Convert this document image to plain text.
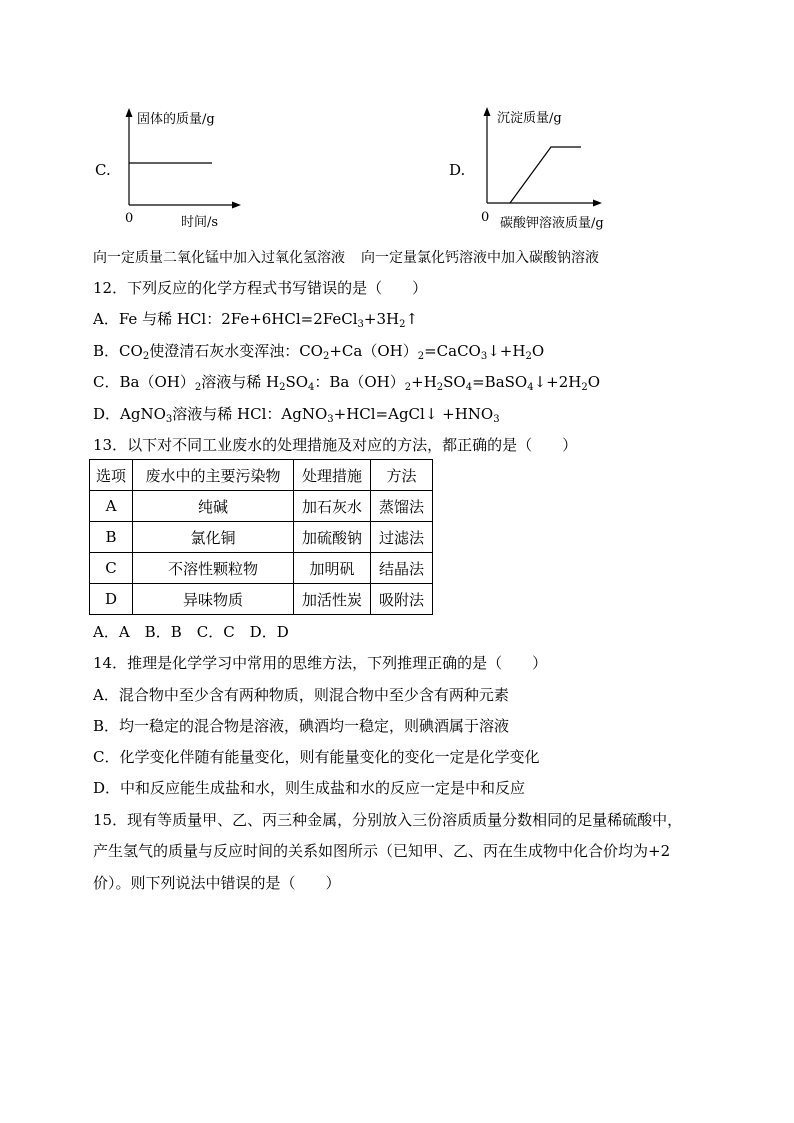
C.
固体的质量/g
0	时间/s
D.
沉淀质量/g
0 碳酸钾溶液质量/g
向一定质量二氧化锰中加入过氧化氢溶液 向一定量氯化钙溶液中加入碳酸钠溶液
12．下列反应的化学方程式书写错误的是（　　）
A．Fe 与稀 HCl：$2Fe+6HCl=2FeCl_3+3H_2↑$
B．$CO_2$使澄清石灰水变浑浊：$CO_2+Ca(OH)_2=CaCO_3↓+H_2O$
C．$Ba(OH)_2$溶液与稀 $H_2SO_4$：$Ba(OH)_2+H_2SO_4=BaSO_4↓+2H_2O$
D．AgNO$_3$溶液与稀 HCl：AgNO$_3$+HCl=AgCl↓ $+HNO_3$
13．以下对不同工业废水的处理措施及对应的方法，都正确的是（　　）
选项	废水中的主要污染物	处理措施	方法
A	纯碱	加石灰水	蒸馏法
B	氯化铜	加硫酸钠	过滤法
C	不溶性颗粒物	加明矾	结晶法
D	异味物质	加活性炭	吸附法
A．A　B．B　C．C　D．D
14．推理是化学学习中常用的思维方法，下列推理正确的是（　　）
A．混合物中至少含有两种物质，则混合物中至少含有两种元素
B．均一稳定的混合物是溶液，碘酒均一稳定，则碘酒属于溶液
C．化学变化伴随有能量变化，则有能量变化的变化一定是化学变化
D．中和反应能生成盐和水，则生成盐和水的反应一定是中和反应
15．现有等质量甲、乙、丙三种金属，分别放入三份溶质质量分数相同的足量稀硫酸中，
产生氢气的质量与反应时间的关系如图所示（已知甲、乙、丙在生成物中化合价均为+2
价）。则下列说法中错误的是（　　）
